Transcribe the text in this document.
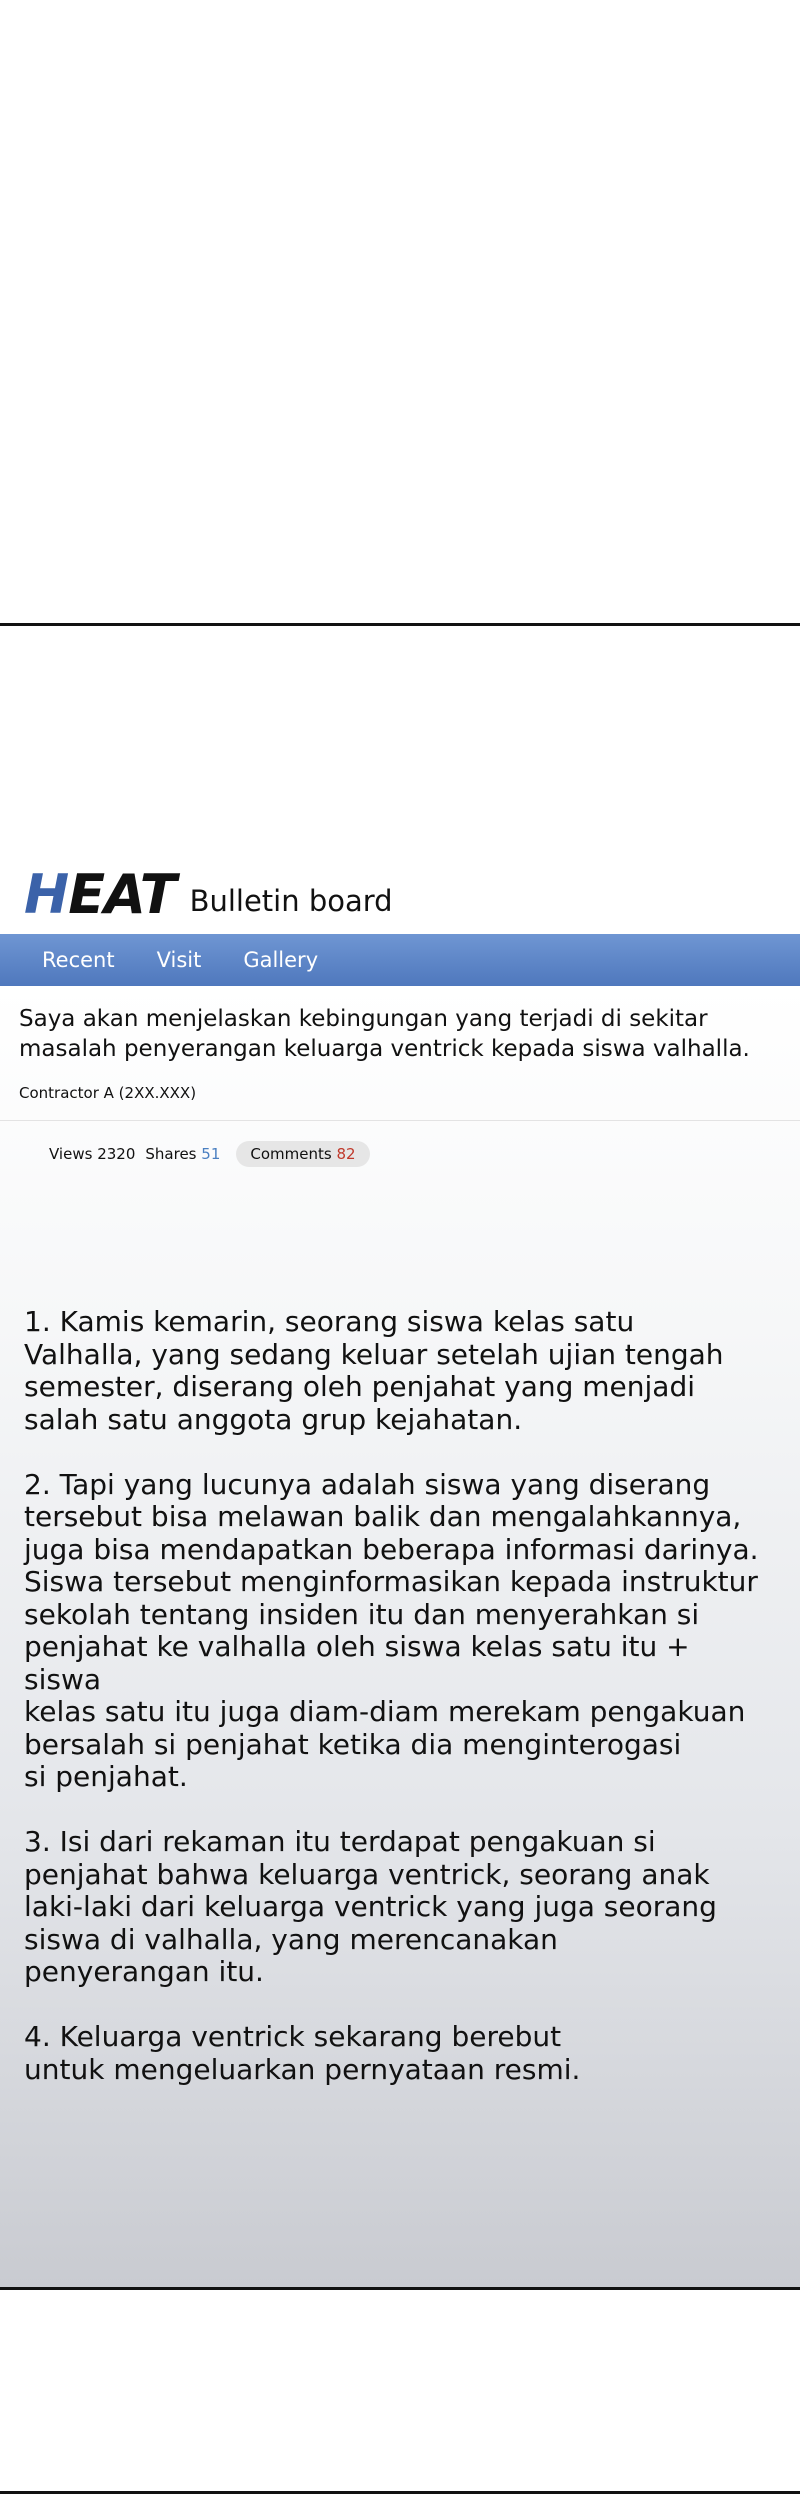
HEAT Bulletin board
Recent Visit Gallery
Saya akan menjelaskan kebingungan yang terjadi di sekitar
masalah penyerangan keluarga ventrick kepada siswa valhalla.
Contractor A (2XX.XXX)
Views 2320 Shares 51	Comments 82

1. Kamis kemarin, seorang siswa kelas satu
Valhalla, yang sedang keluar setelah ujian tengah
semester, diserang oleh penjahat yang menjadi
salah satu anggota grup kejahatan.

2. Tapi yang lucunya adalah siswa yang diserang
tersebut bisa melawan balik dan mengalahkannya,
juga bisa mendapatkan beberapa informasi darinya.
Siswa tersebut menginformasikan kepada instruktur
sekolah tentang insiden itu dan menyerahkan si
penjahat ke valhalla oleh siswa kelas satu itu + siswa
kelas satu itu juga diam-diam merekam pengakuan
bersalah si penjahat ketika dia menginterogasi
si penjahat.

3. Isi dari rekaman itu terdapat pengakuan si
penjahat bahwa keluarga ventrick, seorang anak
laki-laki dari keluarga ventrick yang juga seorang
siswa di valhalla, yang merencanakan
penyerangan itu.

4. Keluarga ventrick sekarang berebut
untuk mengeluarkan pernyataan resmi.
